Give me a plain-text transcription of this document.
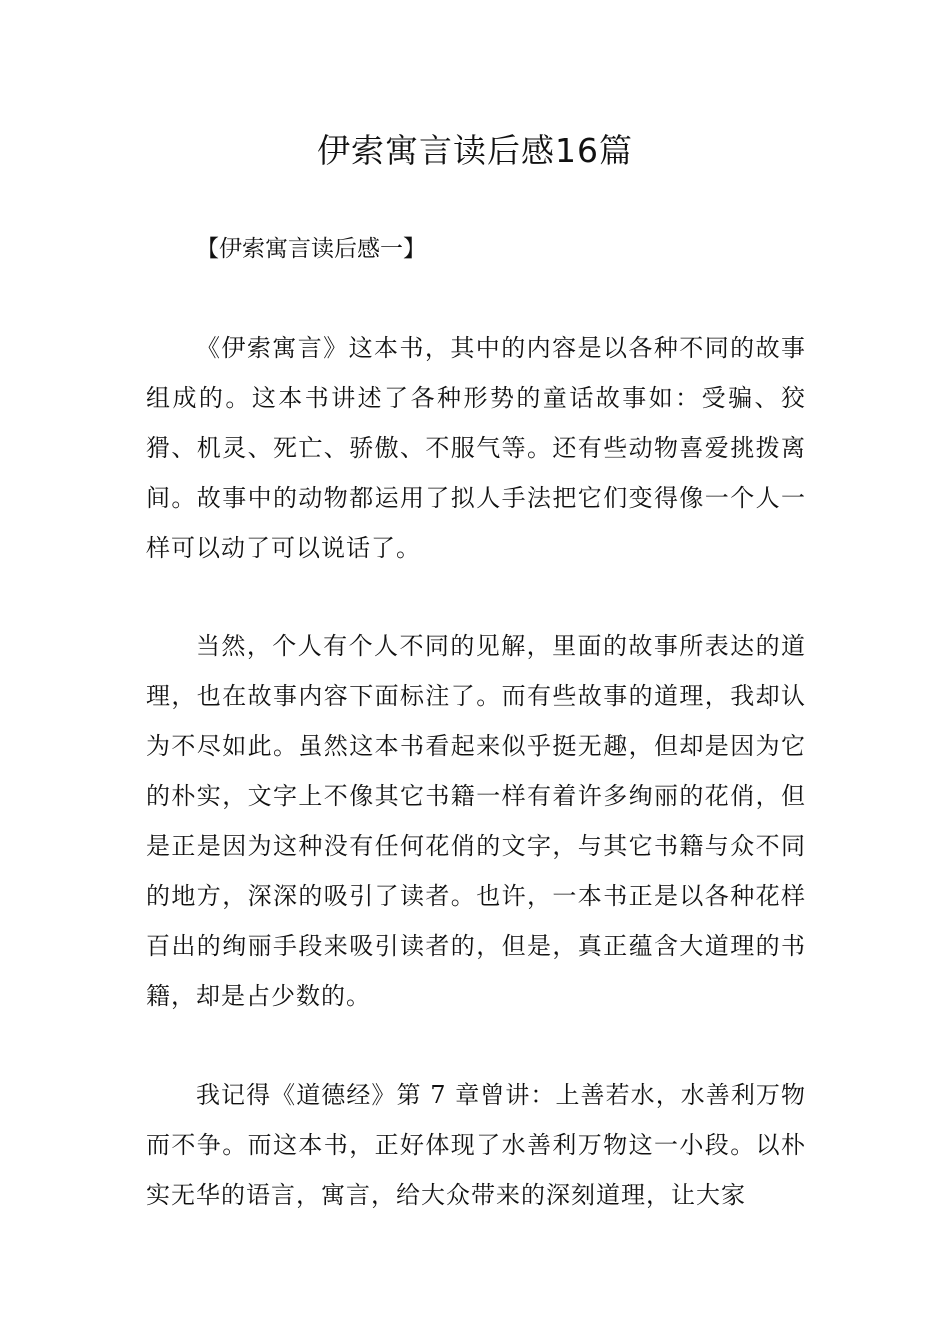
伊索寓言读后感16篇

【伊索寓言读后感一】

《伊索寓言》这本书，其中的内容是以各种不同的故事组成的。这本书讲述了各种形势的童话故事如：受骗、狡猾、机灵、死亡、骄傲、不服气等。还有些动物喜爱挑拨离间。故事中的动物都运用了拟人手法把它们变得像一个人一样可以动了可以说话了。

当然，个人有个人不同的见解，里面的故事所表达的道理，也在故事内容下面标注了。而有些故事的道理，我却认为不尽如此。虽然这本书看起来似乎挺无趣，但却是因为它的朴实，文字上不像其它书籍一样有着许多绚丽的花俏，但是正是因为这种没有任何花俏的文字，与其它书籍与众不同的地方，深深的吸引了读者。也许，一本书正是以各种花样百出的绚丽手段来吸引读者的，但是，真正蕴含大道理的书籍，却是占少数的。

我记得《道德经》第 7 章曾讲：上善若水，水善利万物而不争。而这本书，正好体现了水善利万物这一小段。以朴实无华的语言，寓言，给大众带来的深刻道理，让大家
